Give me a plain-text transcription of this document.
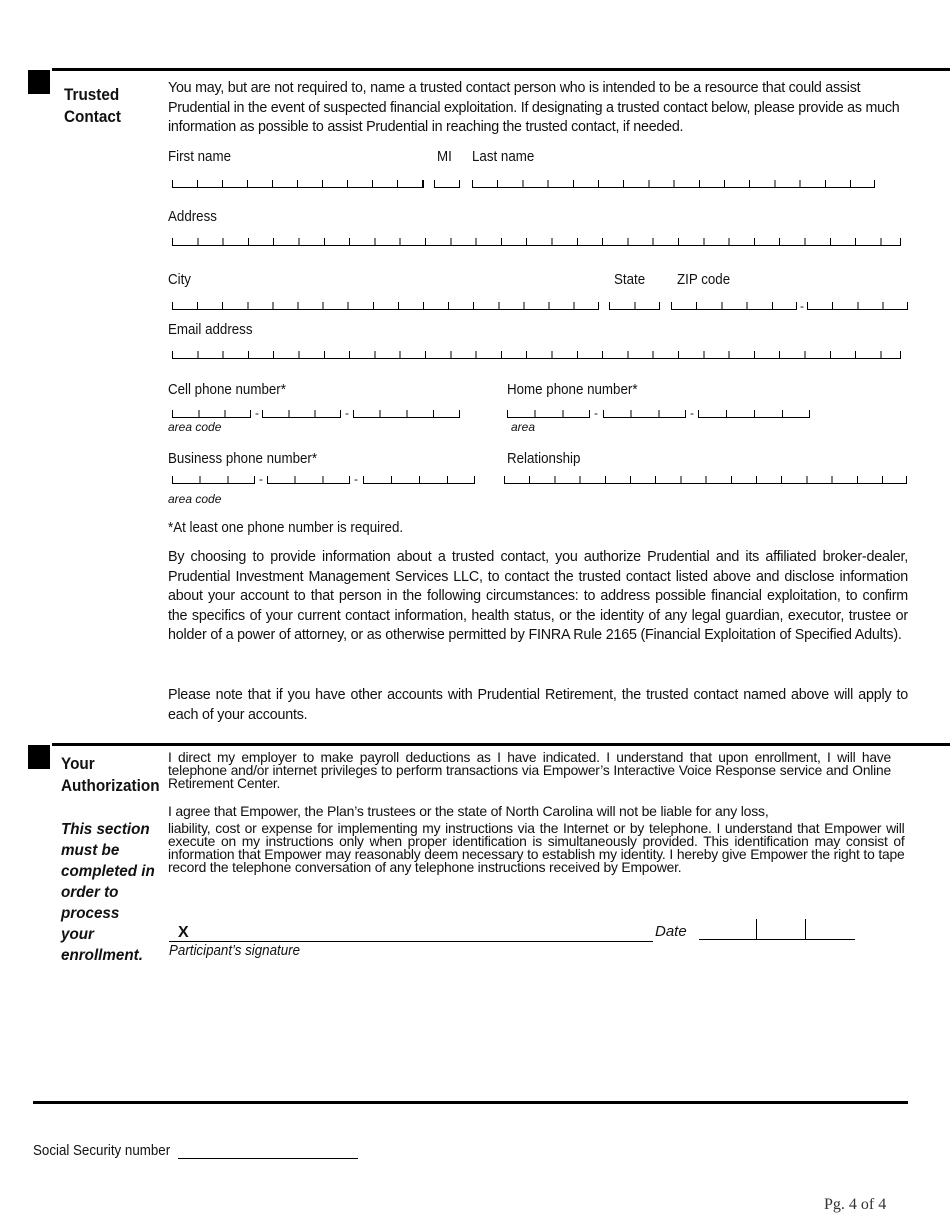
Trusted
Contact
You may, but are not required to, name a trusted contact person who is intended to be a resource that could assist Prudential in the event of suspected financial exploitation. If designating a trusted contact below, please provide as much information as possible to assist Prudential in reaching the trusted contact, if needed.
First name	MI Last name
Address
City	State ZIP code
-
Email address
Cell phone number*	Home phone number*
-	-
area code
-	-
area
Business phone number*	Relationship
-	-
area code
*At least one phone number is required.
By choosing to provide information about a trusted contact, you authorize Prudential and its affiliated broker-dealer, Prudential Investment Management Services LLC, to contact the trusted contact listed above and disclose information about your account to that person in the following circumstances: to address possible financial exploitation, to confirm the specifics of your current contact information, health status, or the identity of any legal guardian, executor, trustee or holder of a power of attorney, or as otherwise permitted by FINRA Rule 2165 (Financial Exploitation of Specified Adults).
Please note that if you have other accounts with Prudential Retirement, the trusted contact named above will apply to each of your accounts.
Your
Authorization
This section must be completed in order to process your enrollment.
I direct my employer to make payroll deductions as I have indicated. I understand that upon enrollment, I will have telephone and/or internet privileges to perform transactions via Empower’s Interactive Voice Response service and Online Retirement Center.
I agree that Empower, the Plan’s trustees or the state of North Carolina will not be liable for any loss,
liability, cost or expense for implementing my instructions via the Internet or by telephone. I understand that Empower will execute on my instructions only when proper identification is simultaneously provided. This identification may consist of information that Empower may reasonably deem necessary to establish my identity. I hereby give Empower the right to tape record the telephone conversation of any telephone instructions received by Empower.
X	Date
Participant’s signature
Social Security number
Pg. 4 of 4
